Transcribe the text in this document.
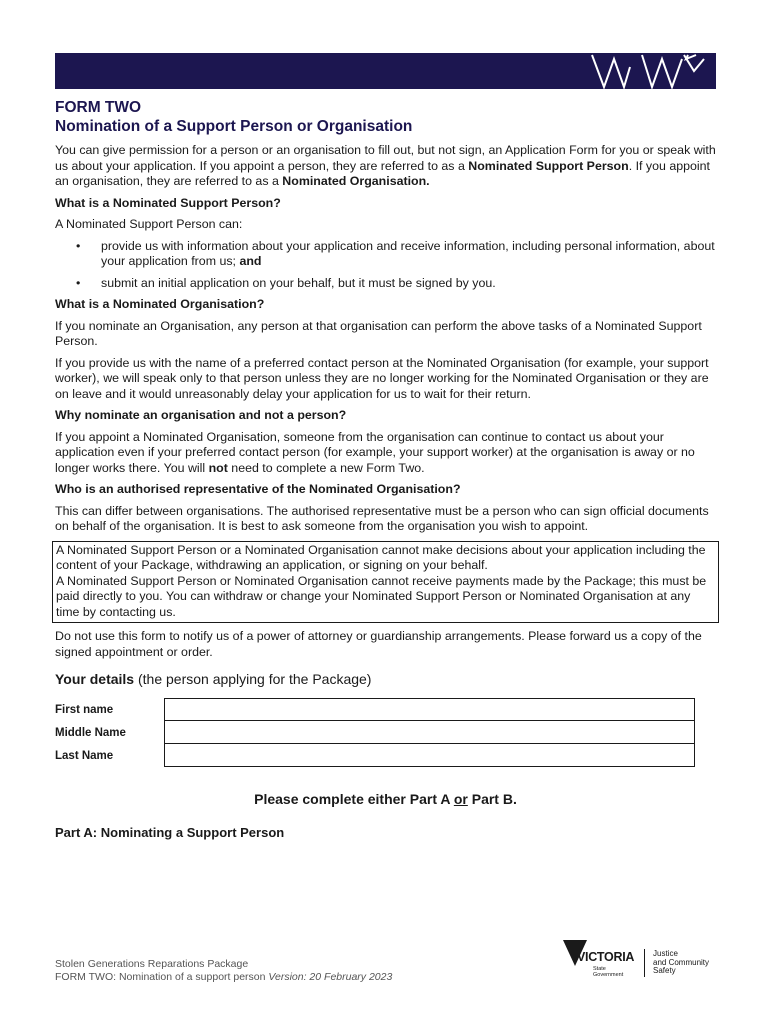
FORM TWO
Nomination of a Support Person or Organisation

You can give permission for a person or an organisation to fill out, but not sign, an Application Form for you or speak with us about your application. If you appoint a person, they are referred to as a Nominated Support Person. If you appoint an organisation, they are referred to as a Nominated Organisation.

What is a Nominated Support Person?

A Nominated Support Person can:

• provide us with information about your application and receive information, including personal information, about your application from us; and
• submit an initial application on your behalf, but it must be signed by you.
What is a Nominated Organisation?

If you nominate an Organisation, any person at that organisation can perform the above tasks of a Nominated Support Person.

If you provide us with the name of a preferred contact person at the Nominated Organisation (for example, your support worker), we will speak only to that person unless they are no longer working for the Nominated Organisation or they are on leave and it would unreasonably delay your application for us to wait for their return.

Why nominate an organisation and not a person?

If you appoint a Nominated Organisation, someone from the organisation can continue to contact us about your application even if your preferred contact person (for example, your support worker) at the organisation is away or no longer works there. You will not need to complete a new Form Two.

Who is an authorised representative of the Nominated Organisation?

This can differ between organisations. The authorised representative must be a person who can sign official documents on behalf of the organisation. It is best to ask someone from the organisation you wish to appoint.

A Nominated Support Person or a Nominated Organisation cannot make decisions about your application including the content of your Package, withdrawing an application, or signing on your behalf.
A Nominated Support Person or Nominated Organisation cannot receive payments made by the Package; this must be paid directly to you. You can withdraw or change your Nominated Support Person or Nominated Organisation at any time by contacting us.

Do not use this form to notify us of a power of attorney or guardianship arrangements. Please forward us a copy of the signed appointment or order.

Your details (the person applying for the Package)
First name
Middle Name
Last Name
Please complete either Part A or Part B.
Part A: Nominating a Support Person
Stolen Generations Reparations Package
FORM TWO: Nomination of a support person Version: 20 February 2023
VICTORIA
State
Government
Justice
and Community
Safety
